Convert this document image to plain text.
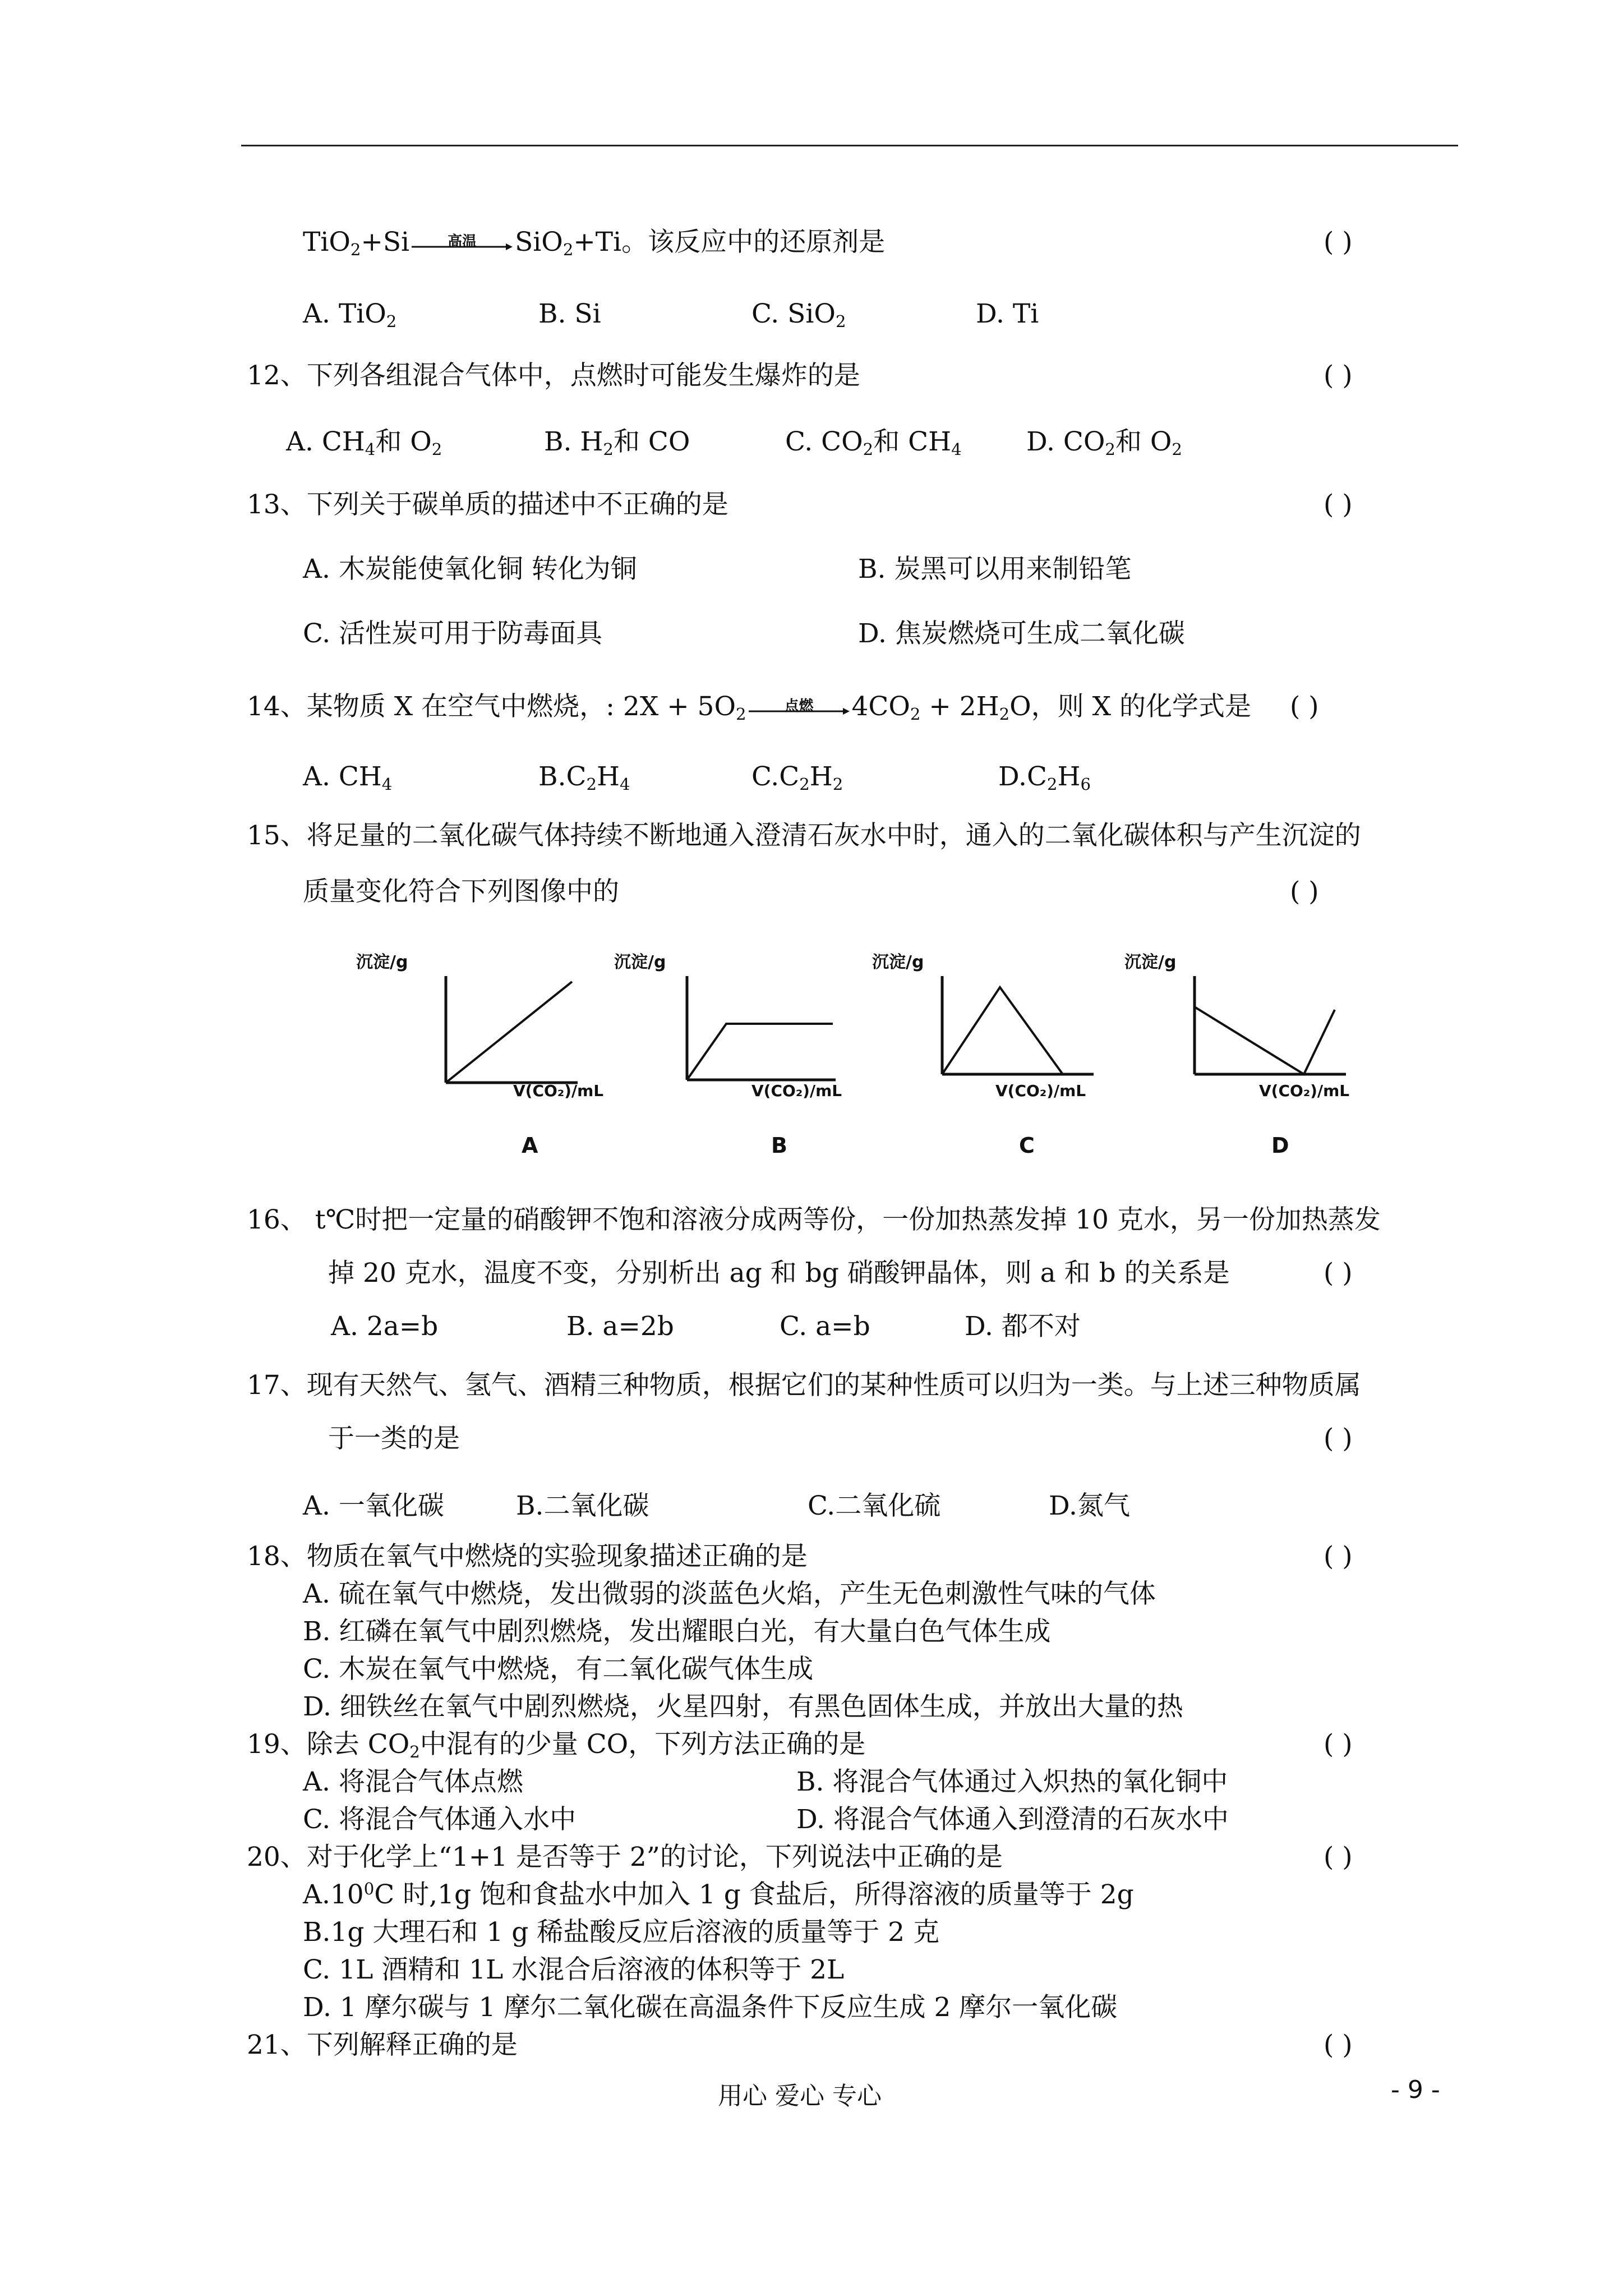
TiO$_2$+Si	高温	SiO$_2$+Ti。该反应中的还原剂是	( )
A. TiO$_2$	B. Si	C. SiO$_2$	D. Ti
12、下列各组混合气体中，点燃时可能发生爆炸的是	( )
A. $CH_4$和 $O_2$	B. $H_2$和 CO	C. $CO_2$和 $CH_4$ D. $CO_2$和 $O_2$
13、下列关于碳单质的描述中不正确的是	( )
A. 木炭能使氧化铜 转化为铜	B. 炭黑可以用来制铅笔
C. 活性炭可用于防毒面具	D. 焦炭燃烧可生成二氧化碳
14、某物质 X 在空气中燃烧，: $2X + 5O_2$	点燃	$4CO_2 + 2H_2O$，则 X 的化学式是 ( )
A. $CH_4$	$B.C_2H_4$	$C.C_2H_2$	$D.C_2H_6$
15、将足量的二氧化碳气体持续不断地通入澄清石灰水中时，通入的二氧化碳体积与产生沉淀的
质量变化符合下列图像中的	( )
沉淀/g
V(CO₂)/mL
A
沉淀/g
V(CO₂)/mL
B
沉淀/g
V(CO₂)/mL
C
沉淀/g
V(CO₂)/mL
D
16、 t℃时把一定量的硝酸钾不饱和溶液分成两等份，一份加热蒸发掉 10 克水，另一份加热蒸发
掉 20 克水，温度不变，分别析出 ag 和 bg 硝酸钾晶体，则 a 和 b 的关系是	( )
A. 2a=b	B. a=2b	C. a=b	D. 都不对
17、现有天然气、氢气、酒精三种物质，根据它们的某种性质可以归为一类。与上述三种物质属
于一类的是	( )
A. 一氧化碳	B.二氧化碳	C.二氧化硫	D.氮气
18、物质在氧气中燃烧的实验现象描述正确的是	( )
A. 硫在氧气中燃烧，发出微弱的淡蓝色火焰，产生无色刺激性气味的气体
B. 红磷在氧气中剧烈燃烧，发出耀眼白光，有大量白色气体生成
C. 木炭在氧气中燃烧，有二氧化碳气体生成
D. 细铁丝在氧气中剧烈燃烧，火星四射，有黑色固体生成，并放出大量的热
19、除去 $CO_2$中混有的少量 CO，下列方法正确的是	( )
A. 将混合气体点燃	B. 将混合气体通过入炽热的氧化铜中
C. 将混合气体通入水中	D. 将混合气体通入到澄清的石灰水中
20、对于化学上“1+1 是否等于 2”的讨论，下列说法中正确的是	( )
$A.10^0C$ 时,1g 饱和食盐水中加入 1 g 食盐后，所得溶液的质量等于 2g
B.1g 大理石和 1 g 稀盐酸反应后溶液的质量等于 2 克
C. 1L 酒精和 1L 水混合后溶液的体积等于 2L
D. 1 摩尔碳与 1 摩尔二氧化碳在高温条件下反应生成 2 摩尔一氧化碳
21、下列解释正确的是	( )
用心 爱心 专心	- 9 -
